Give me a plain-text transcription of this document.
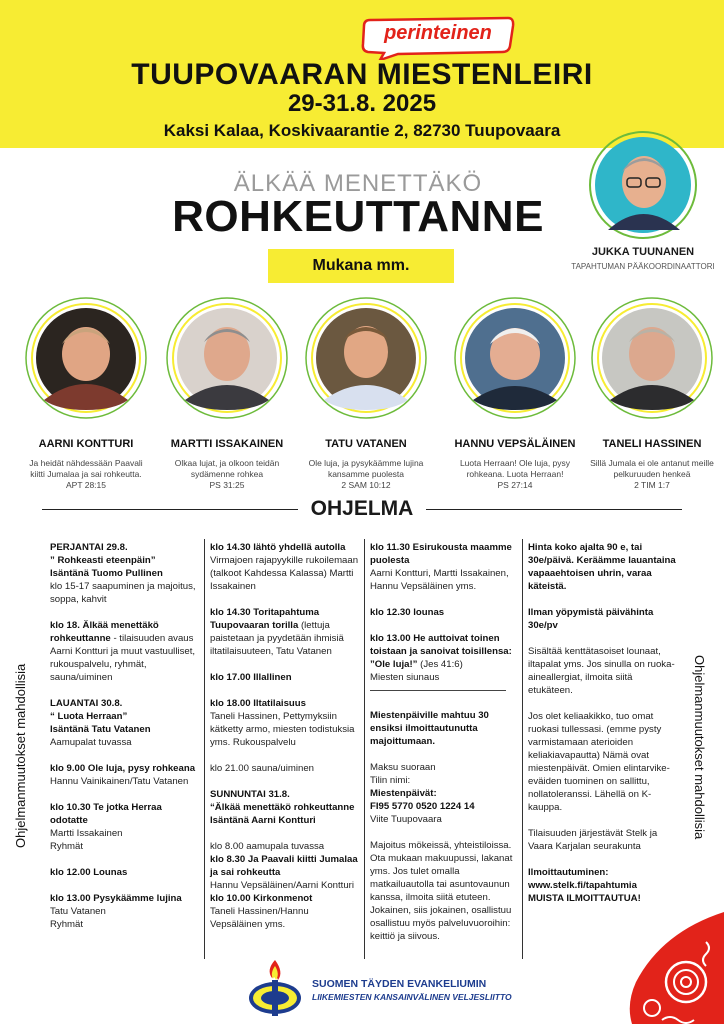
perinteinen
TUUPOVAARAN MIESTENLEIRI
29-31.8. 2025
Kaksi Kalaa, Koskivaarantie 2, 82730 Tuupovaara
ÄLKÄÄ MENETTÄKÖ
ROHKEUTTANNE
Mukana mm.
JUKKA TUUNANEN
TAPAHTUMAN PÄÄKOORDINAATTORI
AARNI KONTTURI
Ja heidät nähdessään Paavali kiitti Jumalaa ja sai rohkeutta.
APT 28:15
MARTTI ISSAKAINEN
Olkaa lujat, ja olkoon teidän sydämenne rohkea
PS 31:25
TATU VATANEN
Ole luja, ja pysykäämme lujina kansamme puolesta
2 SAM 10:12
HANNU VEPSÄLÄINEN
Luota Herraan! Ole luja, pysy rohkeana. Luota Herraan!
PS 27:14
TANELI HASSINEN
Sillä Jumala ei ole antanut meille pelkuruuden henkeä
2 TIM 1:7
OHJELMA
Ohjelmanmuutokset mahdollisia	Ohjelmanmuutokset mahdollisia

PERJANTAI 29.8.
” Rohkeasti eteenpäin”
Isäntänä Tuomo Pullinen
klo 15-17 saapuminen ja majoitus, soppa, kahvit

klo 18. Älkää menettäkö rohkeuttanne - tilaisuuden avaus Aarni Kontturi ja muut vastuulliset, rukouspalvelu, ryhmät, sauna/uiminen

LAUANTAI 30.8.
“ Luota Herraan”
Isäntänä Tatu Vatanen
Aamupalat tuvassa

klo 9.00 Ole luja, pysy rohkeana
Hannu Vainikainen/Tatu Vatanen

klo 10.30 Te jotka Herraa odotatte
Martti Issakainen
Ryhmät

klo 12.00 Lounas

klo 13.00 Pysykäämme lujina
Tatu Vatanen
Ryhmät

klo 14.30 lähtö yhdellä autolla
Virmajoen rajapyykille rukoilemaan (talkoot Kahdessa Kalassa) Martti Issakainen

klo 14.30 Toritapahtuma Tuupovaaran torilla (lettuja paistetaan ja pyydetään ihmisiä iltatilaisuuteen, Tatu Vatanen

klo 17.00 Illallinen

klo 18.00 Iltatilaisuus
Taneli Hassinen, Pettymyksiin kätketty armo, miesten todistuksia yms. Rukouspalvelu

klo 21.00 sauna/uiminen

SUNNUNTAI 31.8.
“Älkää menettäkö rohkeuttanne
Isäntänä Aarni Kontturi

klo 8.00 aamupala tuvassa

klo 8.30 Ja Paavali kiitti Jumalaa ja sai rohkeutta
Hannu Vepsäläinen/Aarni Kontturi

klo 10.00 Kirkonmenot
Taneli Hassinen/Hannu Vepsäläinen yms.

klo 11.30 Esirukousta maamme puolesta
Aarni Kontturi, Martti Issakainen, Hannu Vepsäläinen yms.

klo 12.30 lounas

klo 13.00 He auttoivat toinen toistaan ja sanoivat toisillensa: ”Ole luja!” (Jes 41:6)
Miesten siunaus

Miestenpäiville mahtuu 30 ensiksi ilmoittautunutta majoittumaan.

Maksu suoraan
Tilin nimi:
Miestenpäivät:
FI95 5770 0520 1224 14
Viite Tuupovaara

Majoitus mökeissä, yhteistiloissa. Ota mukaan makuupussi, lakanat yms. Jos tulet omalla matkailuautolla tai asuntovaunun kanssa, ilmoita siitä etuteen. Jokainen, siis jokainen, osallistuu osallistuu myös palveluvuoroihin: keittiö ja siivous.

Hinta koko ajalta 90 e, tai 30e/päivä. Keräämme lauantaina vapaaehtoisen uhrin, varaa käteistä.

Ilman yöpymistä päivähinta 30e/pv

Sisältää kenttätasoiset lounaat, iltapalat yms. Jos sinulla on ruoka-aineallergiat, ilmoita siitä etukäteen.

Jos olet keliaakikko, tuo omat ruokasi tullessasi. (emme pysty varmistamaan aterioiden keliakiavapautta) Nämä ovat miestenpäivät. Omien elintarvike-eväiden tuominen on sallittu, nollatoleranssi. Lähellä on K-kauppa.

Tilaisuuden järjestävät Stelk ja Vaara Karjalan seurakunta

Ilmoittautuminen:
www.stelk.fi/tapahtumia
MUISTA ILMOITTAUTUA!

SUOMEN TÄYDEN EVANKELIUMIN
LIIKEMIESTEN KANSAINVÄLINEN VELJESLIITTO
